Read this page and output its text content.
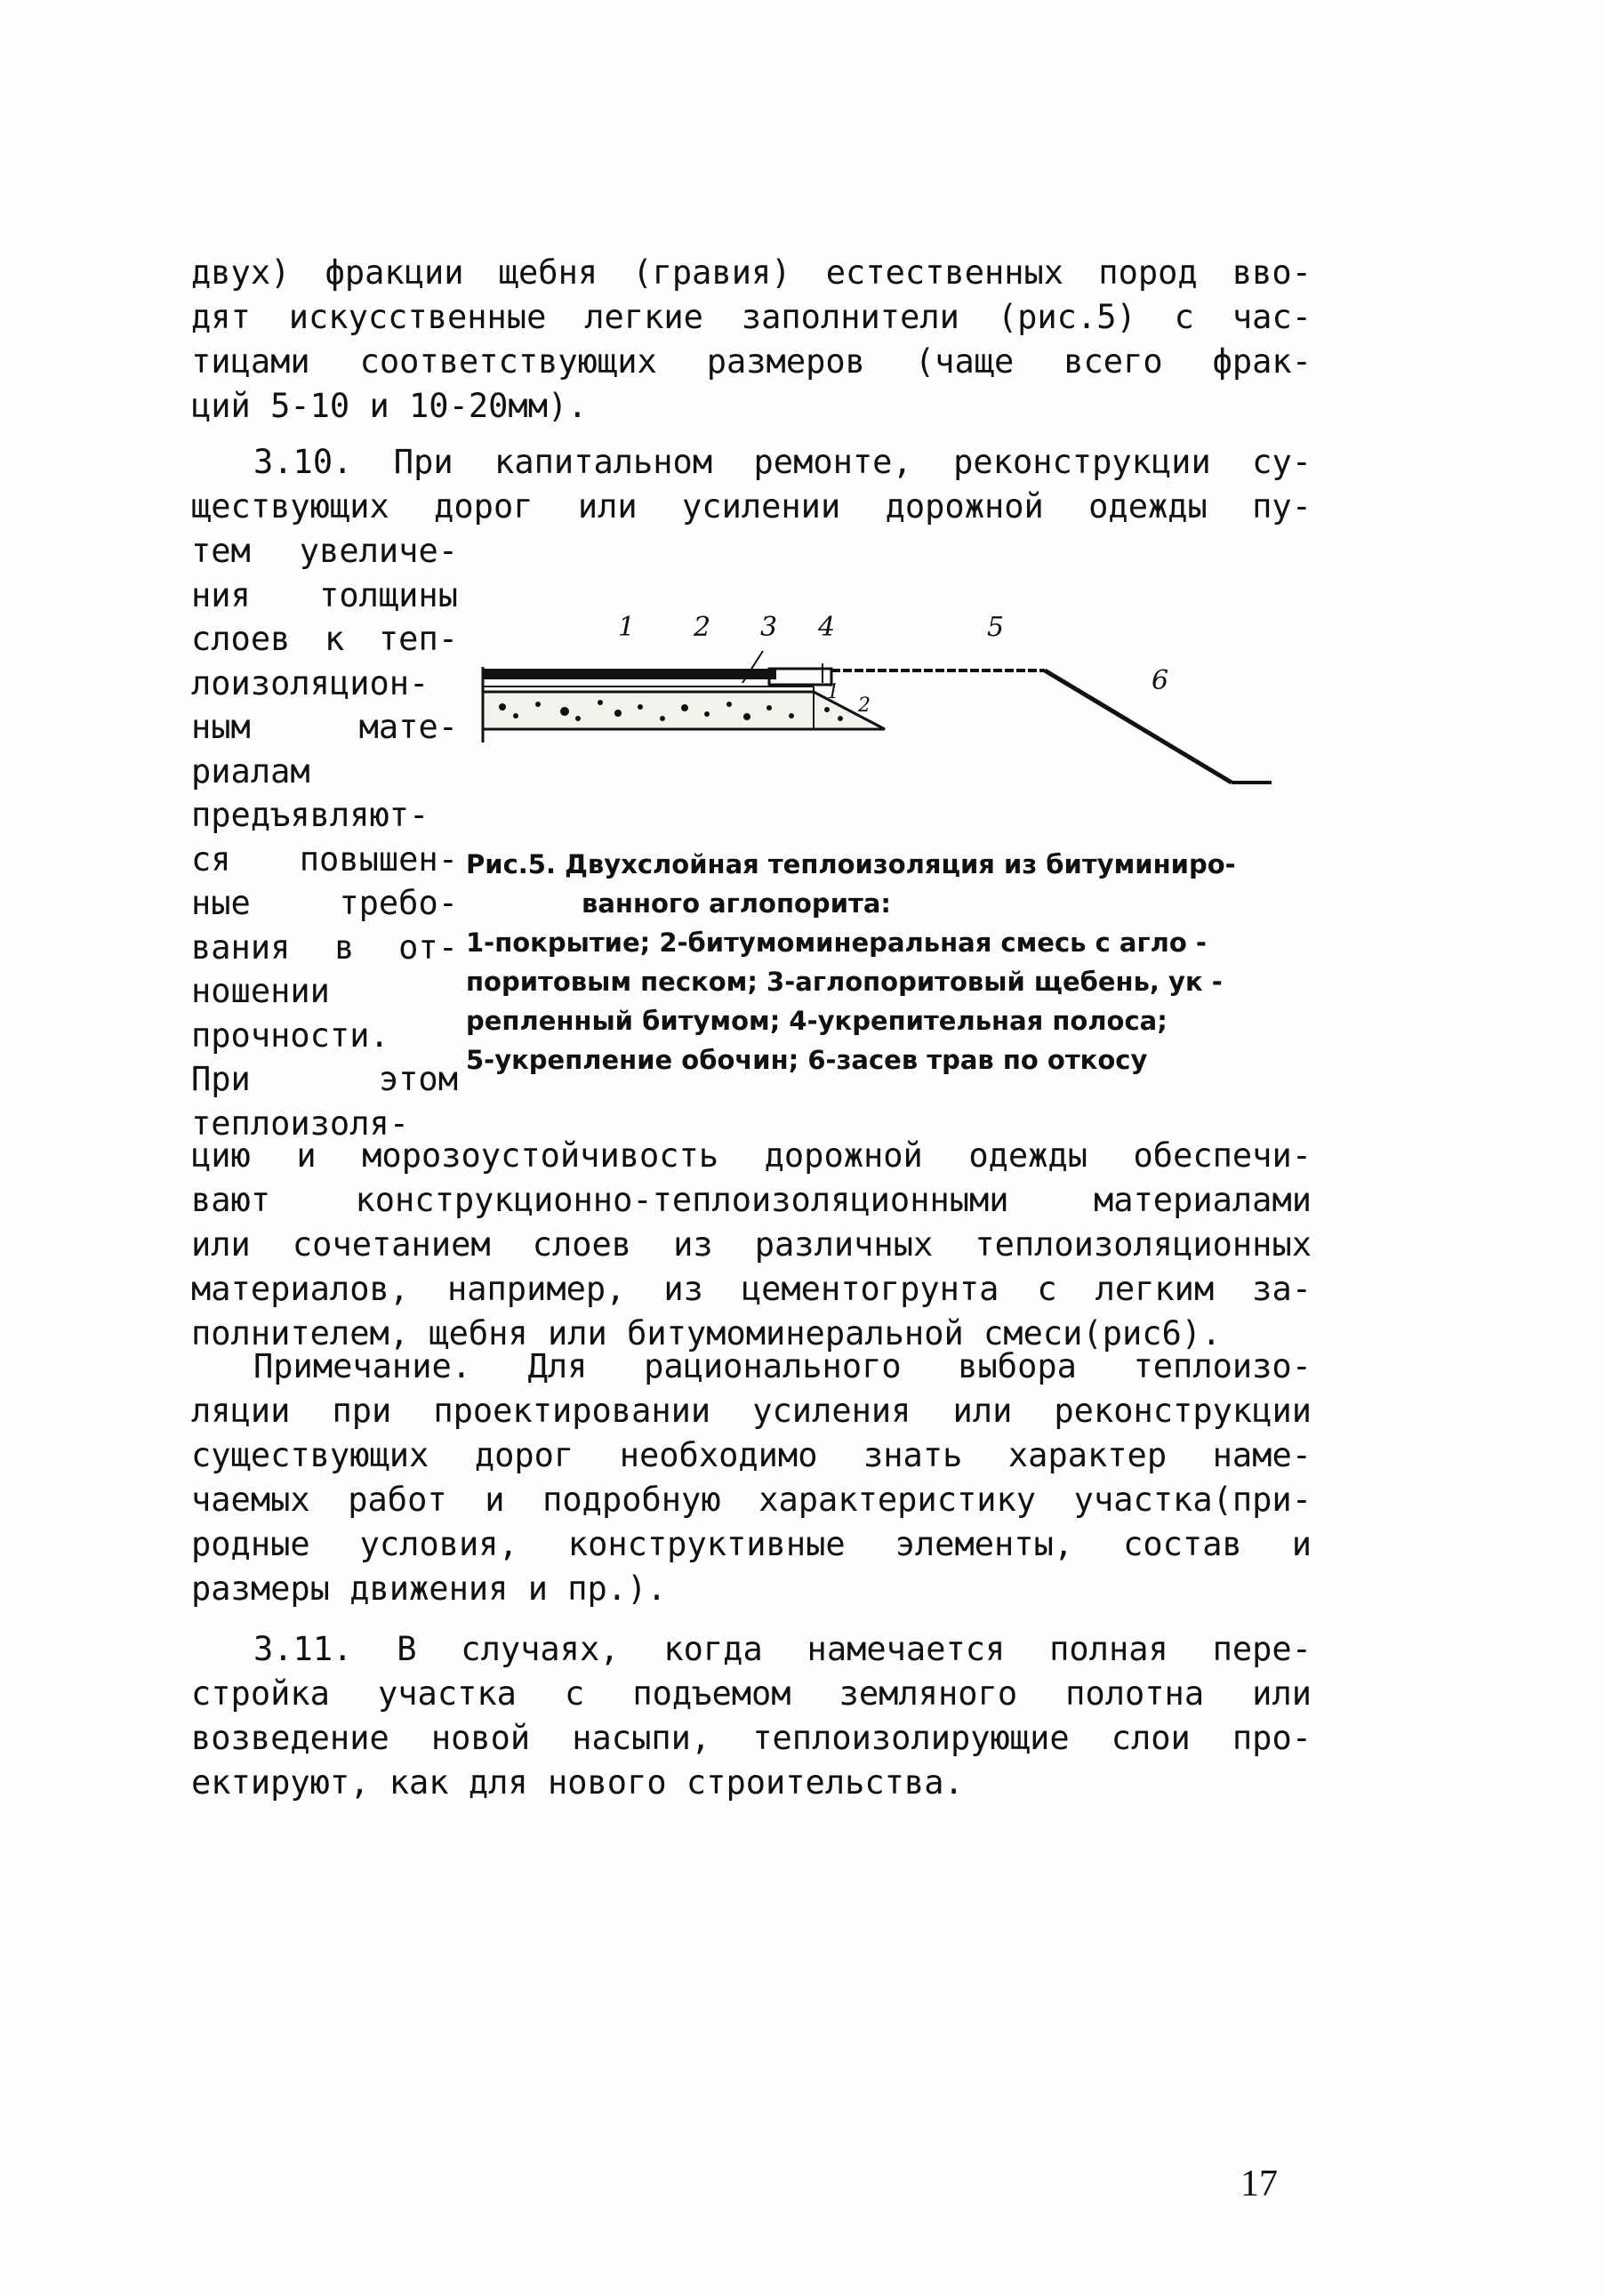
двух) фракции щебня (гравия) естественных пород вво-
дят искусственные легкие заполнители (рис.5) с час-
тицами соответствующих размеров (чаще всего фрак-
ций 5-10 и 10-20мм).
3.10. При капитальном ремонте, реконструкции су-
ществующих дорог или усилении дорожной одежды пу-
тем увеличе-
ния толщины
слоев к теп-
лоизоляцион-
ным мате-
риалам
предъявляют-
ся повышен-
ные требо-
вания в от-
ношении
прочности.
При этом
теплоизоля-
1 2 3 4	5
6
1
2
Рис.5. Двухслойная теплоизоляция из битуминиро-
ванного аглопорита:
1-покрытие; 2-битумоминеральная смесь с агло -
поритовым песком; 3-аглопоритовый щебень, ук -
репленный битумом; 4-укрепительная полоса;
5-укрепление обочин; 6-засев трав по откосу
цию и морозоустойчивость дорожной одежды обеспечи-
вают конструкционно-теплоизоляционными материалами
или сочетанием слоев из различных теплоизоляционных
материалов, например, из цементогрунта с легким за-
полнителем, щебня или битумоминеральной смеси(рис6).
Примечание. Для рационального выбора теплоизо-
ляции при проектировании усиления или реконструкции
существующих дорог необходимо знать характер наме-
чаемых работ и подробную характеристику участка(при-
родные условия, конструктивные элементы, состав и
размеры движения и пр.).
3.11. В случаях, когда намечается полная пере-
стройка участка с подъемом земляного полотна или
возведение новой насыпи, теплоизолирующие слои про-
ектируют, как для нового строительства.
17
